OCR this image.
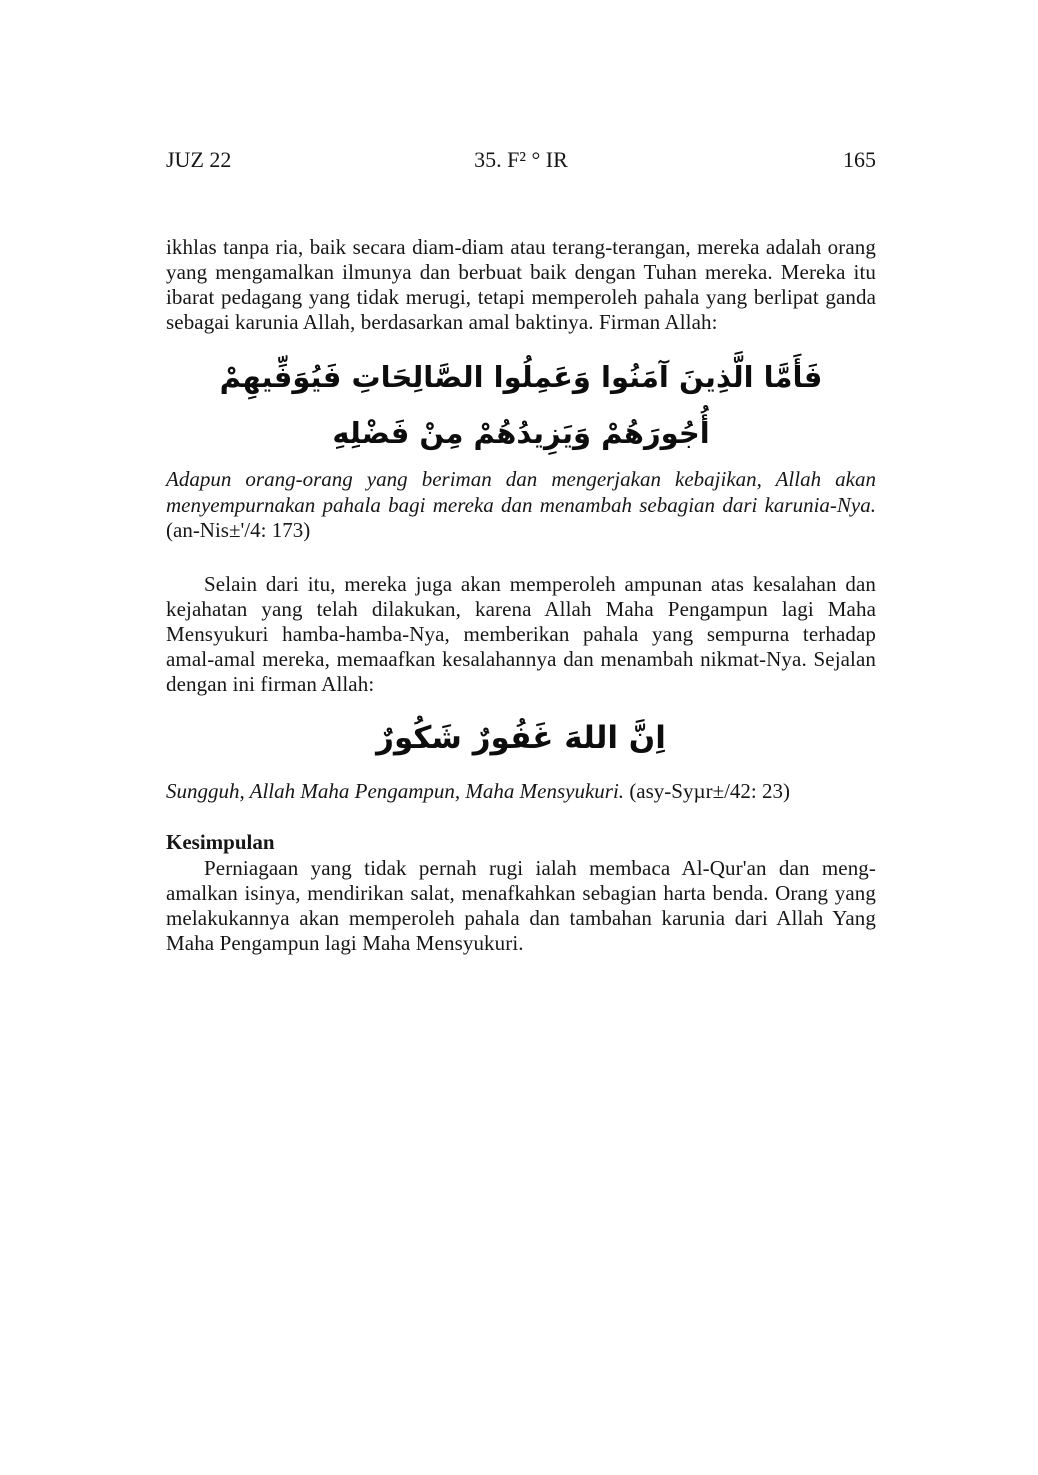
35. F² ° IR
JUZ 22	165

ikhlas tanpa ria, baik secara diam-diam atau terang-terangan, mereka adalah orang yang mengamalkan ilmunya dan berbuat baik dengan Tuhan mereka. Mereka itu ibarat pedagang yang tidak merugi, tetapi memperoleh pahala yang berlipat ganda sebagai karunia Allah, berdasarkan amal baktinya. Firman Allah:

فَأَمَّا الَّذِينَ آمَنُوا وَعَمِلُوا الصَّالِحَاتِ فَيُوَفِّيهِمْ أُجُورَهُمْ وَيَزِيدُهُمْ مِنْ فَضْلِهِ

Adapun orang-orang yang beriman dan mengerjakan kebajikan, Allah akan menyempurnakan pahala bagi mereka dan menambah sebagian dari karunia-Nya. (an-Nis±'/4: 173)

Selain dari itu, mereka juga akan memperoleh ampunan atas kesalahan dan kejahatan yang telah dilakukan, karena Allah Maha Pengampun lagi Maha Mensyukuri hamba-hamba-Nya, memberikan pahala yang sempurna terhadap amal-amal mereka, memaafkan kesalahannya dan menambah nikmat-Nya. Sejalan dengan ini firman Allah:

اِنَّ اللهَ غَفُورٌ شَكُورٌ

Sungguh, Allah Maha Pengampun, Maha Mensyukuri. (asy-Syµr±/42: 23)

Kesimpulan

Perniagaan yang tidak pernah rugi ialah membaca Al-Qur'an dan meng-amalkan isinya, mendirikan salat, menafkahkan sebagian harta benda. Orang yang melakukannya akan memperoleh pahala dan tambahan karunia dari Allah Yang Maha Pengampun lagi Maha Mensyukuri.
